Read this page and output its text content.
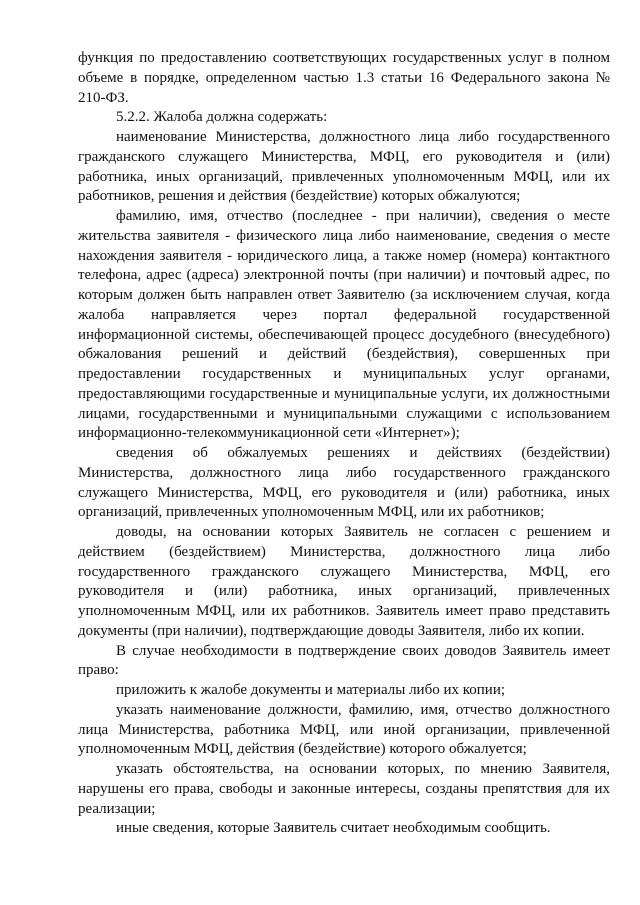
функция по предоставлению соответствующих государственных услуг в полном объеме в порядке, определенном частью 1.3 статьи 16 Федерального закона № 210-ФЗ.

5.2.2. Жалоба должна содержать:

наименование Министерства, должностного лица либо государственного гражданского служащего Министерства, МФЦ, его руководителя и (или) работника, иных организаций, привлеченных уполномоченным МФЦ, или их работников, решения и действия (бездействие) которых обжалуются;

фамилию, имя, отчество (последнее - при наличии), сведения о месте жительства заявителя - физического лица либо наименование, сведения о месте нахождения заявителя - юридического лица, а также номер (номера) контактного телефона, адрес (адреса) электронной почты (при наличии) и почтовый адрес, по которым должен быть направлен ответ Заявителю (за исключением случая, когда жалоба направляется через портал федеральной государственной информационной системы, обеспечивающей процесс досудебного (внесудебного) обжалования решений и действий (бездействия), совершенных при предоставлении государственных и муниципальных услуг органами, предоставляющими государственные и муниципальные услуги, их должностными лицами, государственными и муниципальными служащими с использованием информационно-телекоммуникационной сети «Интернет»);

сведения об обжалуемых решениях и действиях (бездействии) Министерства, должностного лица либо государственного гражданского служащего Министерства, МФЦ, его руководителя и (или) работника, иных организаций, привлеченных уполномоченным МФЦ, или их работников;

доводы, на основании которых Заявитель не согласен с решением и действием (бездействием) Министерства, должностного лица либо государственного гражданского служащего Министерства, МФЦ, его руководителя и (или) работника, иных организаций, привлеченных уполномоченным МФЦ, или их работников. Заявитель имеет право представить документы (при наличии), подтверждающие доводы Заявителя, либо их копии.

В случае необходимости в подтверждение своих доводов Заявитель имеет право:

приложить к жалобе документы и материалы либо их копии;

указать наименование должности, фамилию, имя, отчество должностного лица Министерства, работника МФЦ, или иной организации, привлеченной уполномоченным МФЦ, действия (бездействие) которого обжалуется;

указать обстоятельства, на основании которых, по мнению Заявителя, нарушены его права, свободы и законные интересы, созданы препятствия для их реализации;

иные сведения, которые Заявитель считает необходимым сообщить.
